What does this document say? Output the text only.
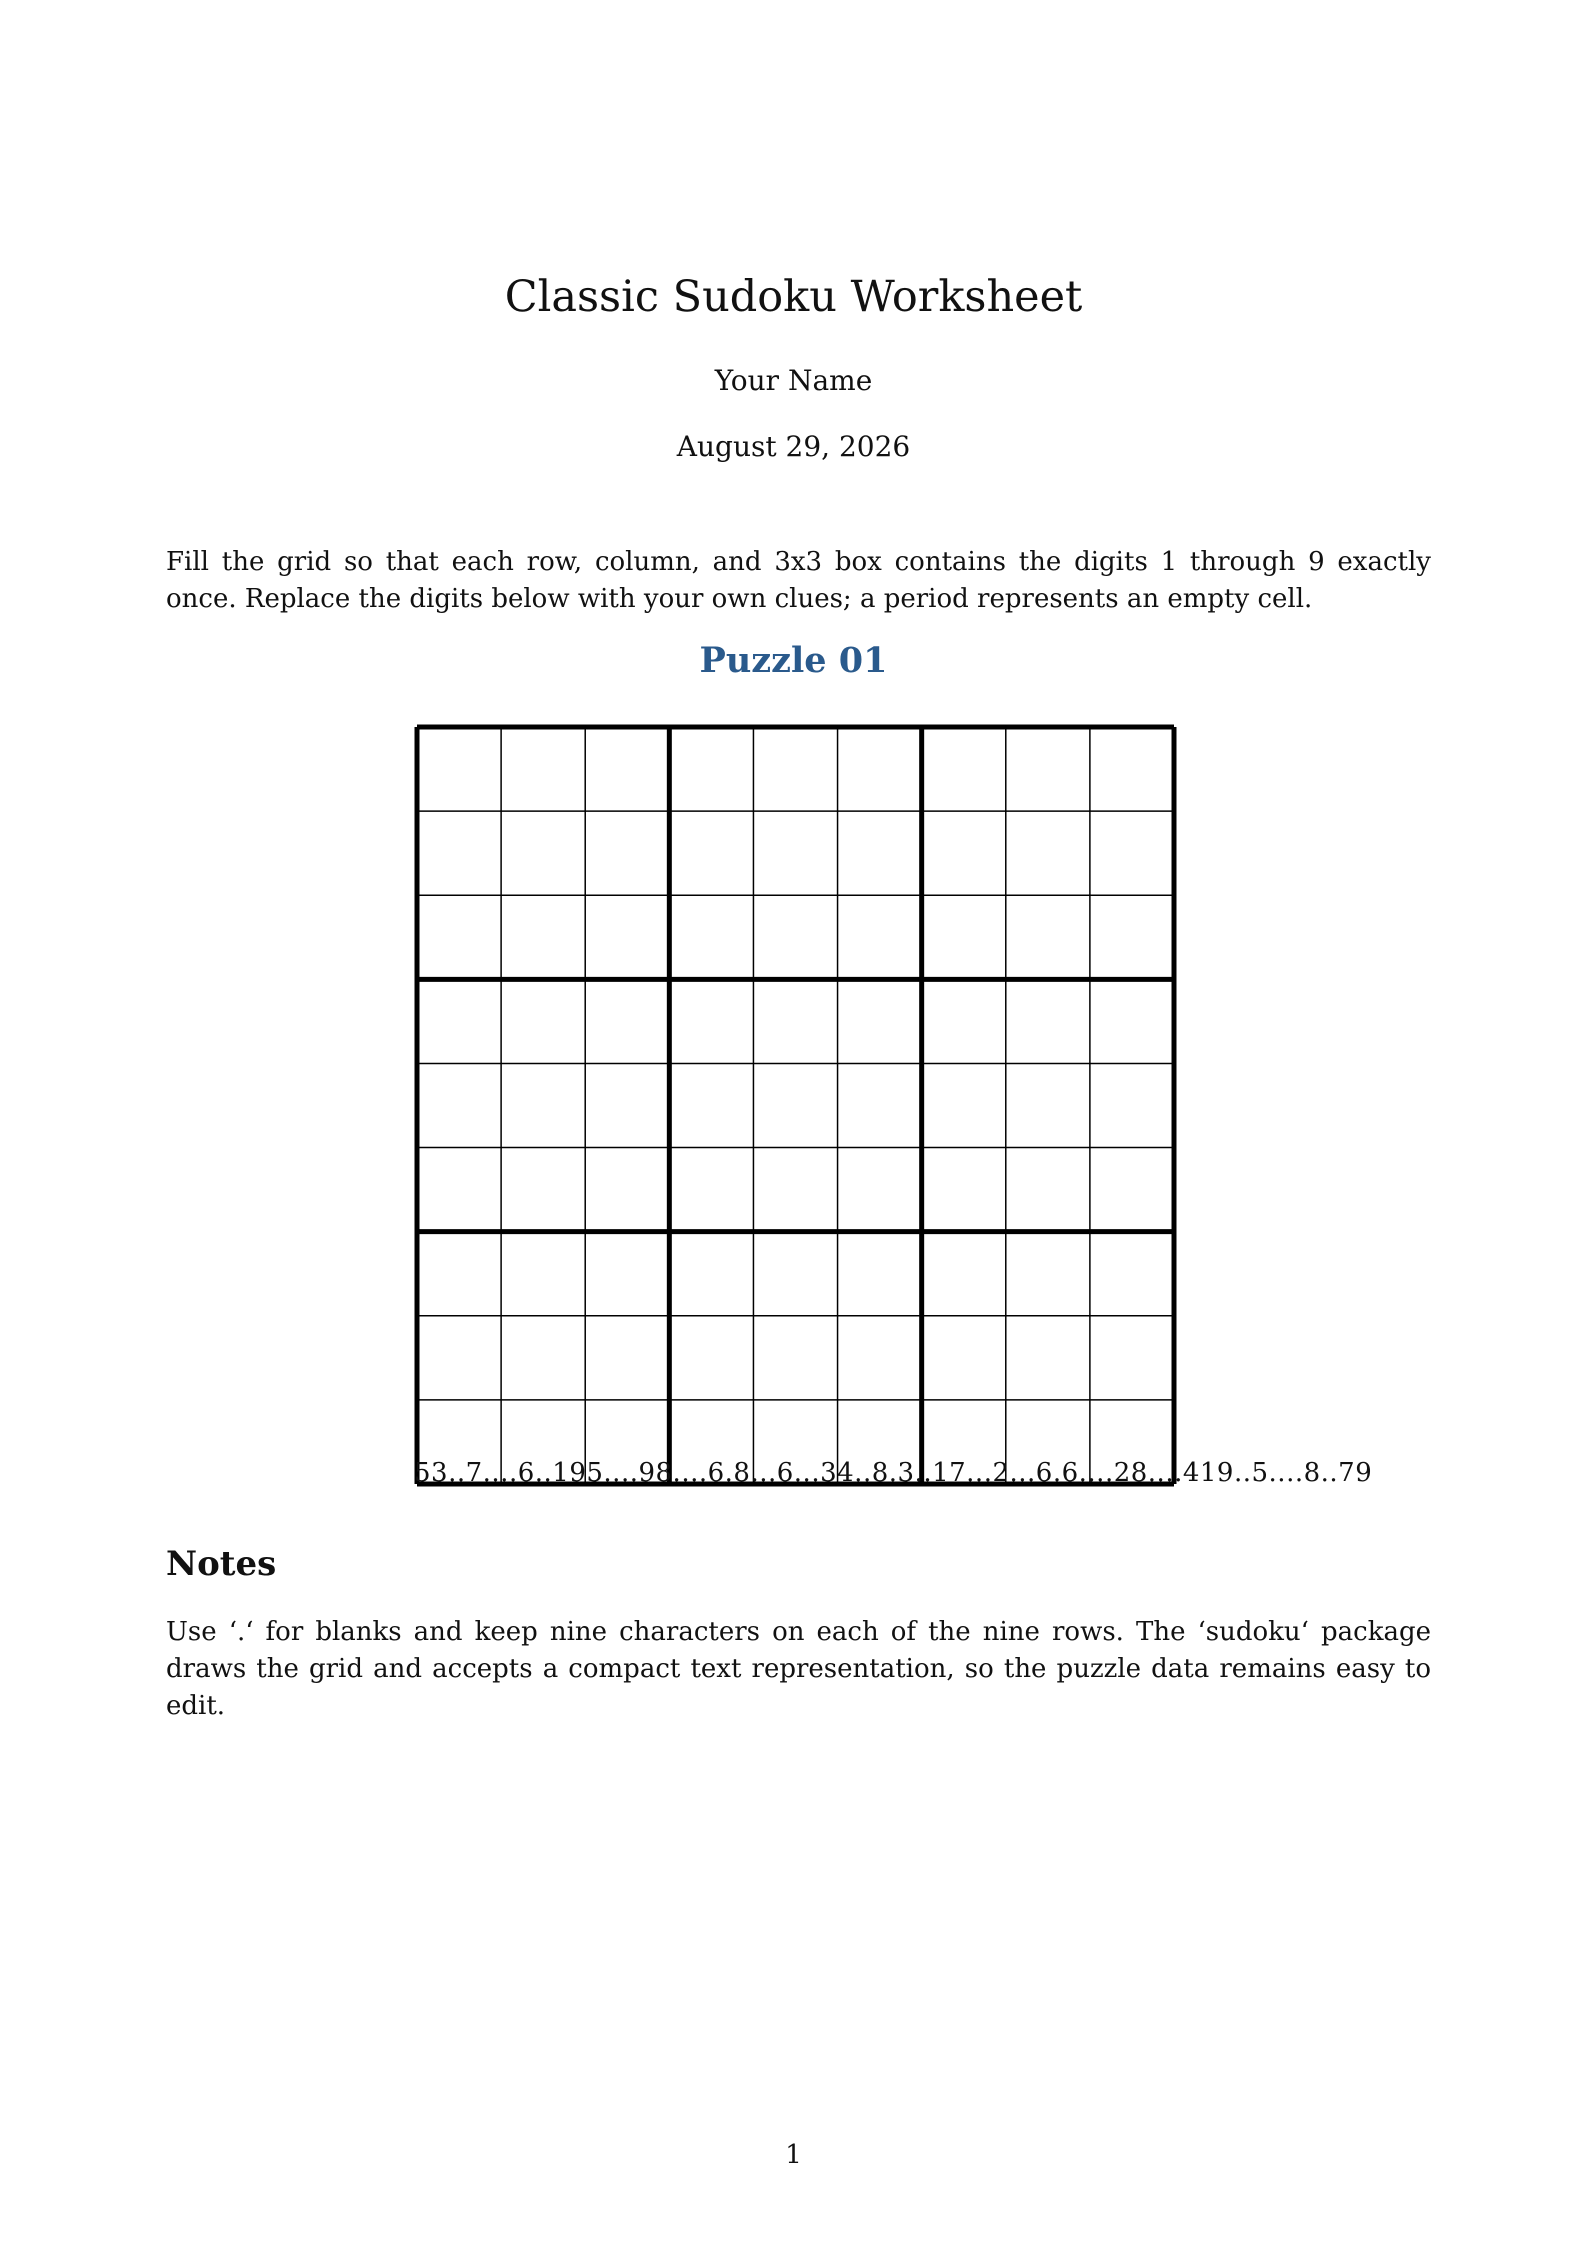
Classic Sudoku Worksheet
Your Name
August 29, 2026

Fill the grid so that each row, column, and 3x3 box contains the digits 1 through 9 exactly once. Replace the digits below with your own clues; a period represents an empty cell.

Puzzle 01
53..7....6..195....98....6.8...6...34..8.3..17...2...6.6....28....419..5....8..79
Notes

Use ‘.‘ for blanks and keep nine characters on each of the nine rows. The ‘sudoku‘ package draws the grid and accepts a compact text representation, so the puzzle data remains easy to edit.

1
